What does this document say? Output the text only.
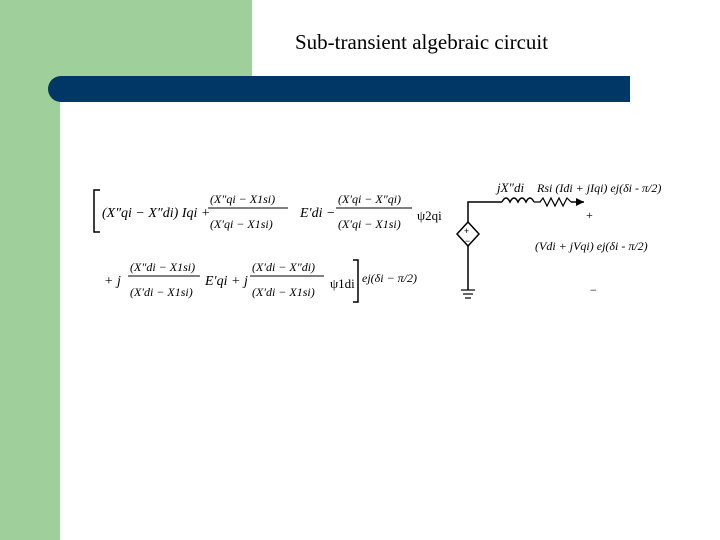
Sub-transient algebraic circuit
(X″qi − X″di) Iqi +
(X″qi − X1si)
(X′qi − X1si)
E′di −
(X′qi − X″qi)
(X′qi − X1si)
ψ2qi
+ j
(X″di − X1si)
(X′di − X1si)
E′qi + j
(X′di − X″di)
(X′di − X1si)
ψ1di ej(δi − π/2)
+
−
jX″di Rsi (Idi + jIqi) ej(δi - π/2)
+
(Vdi + jVqi) ej(δi - π/2)
−
